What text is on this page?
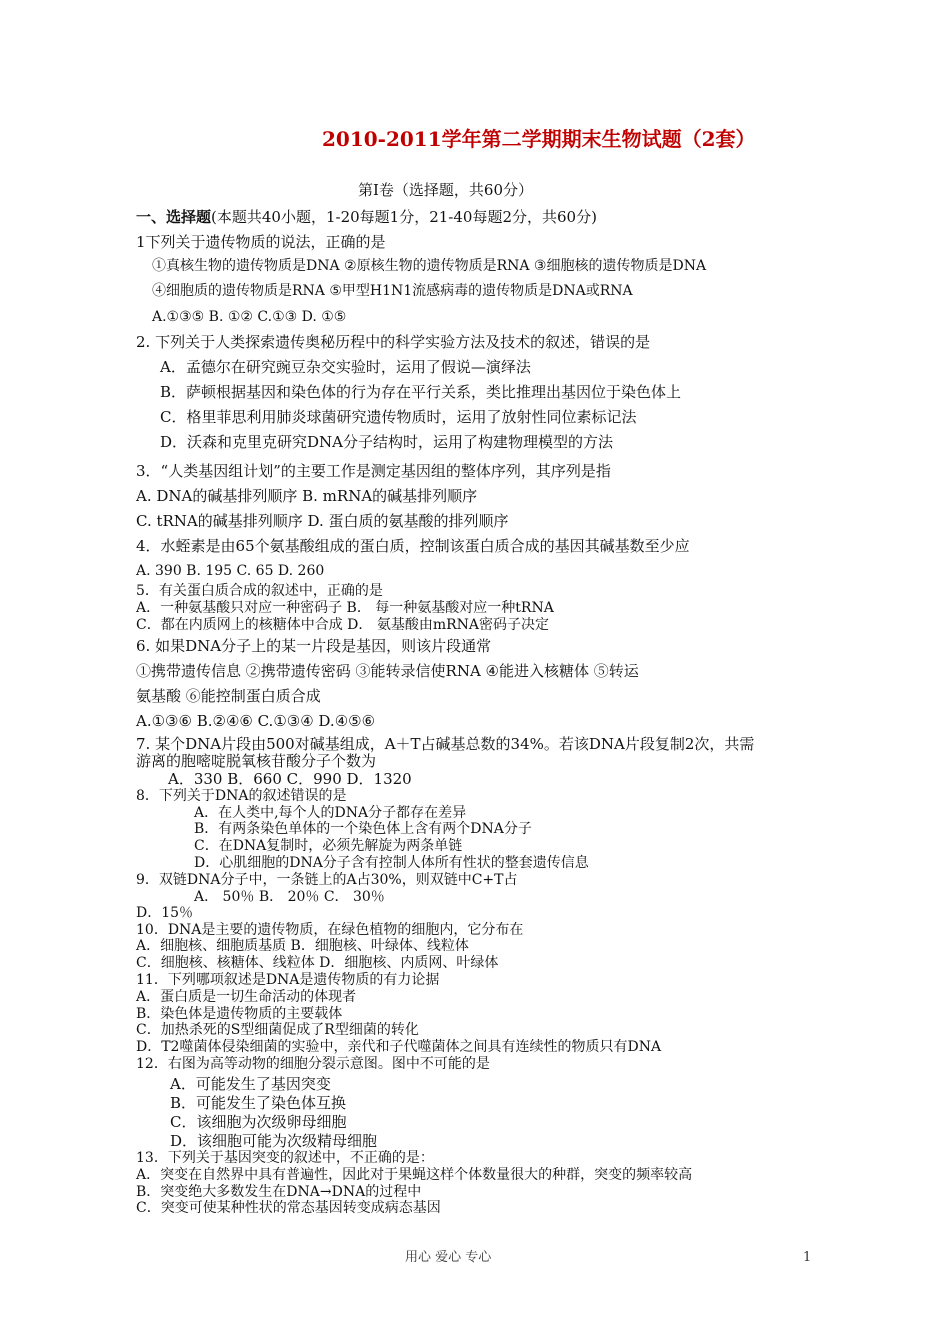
2010-2011学年第二学期期末生物试题（2套）
第Ⅰ卷（选择题，共60分）
一、选择题(本题共40小题，1-20每题1分，21-40每题2分，共60分)
1下列关于遗传物质的说法，正确的是
①真核生物的遗传物质是DNA ②原核生物的遗传物质是RNA ③细胞核的遗传物质是DNA
④细胞质的遗传物质是RNA ⑤甲型H1N1流感病毒的遗传物质是DNA或RNA
A.①③⑤ B. ①② C.①③ D. ①⑤
2. 下列关于人类探索遗传奥秘历程中的科学实验方法及技术的叙述，错误的是
A．孟德尔在研究豌豆杂交实验时，运用了假说—演绎法
B．萨顿根据基因和染色体的行为存在平行关系，类比推理出基因位于染色体上
C．格里菲思利用肺炎球菌研究遗传物质时，运用了放射性同位素标记法
D．沃森和克里克研究DNA分子结构时，运用了构建物理模型的方法
3．“人类基因组计划”的主要工作是测定基因组的整体序列，其序列是指
A. DNA的碱基排列顺序 B. mRNA的碱基排列顺序
C. tRNA的碱基排列顺序 D. 蛋白质的氨基酸的排列顺序
4．水蛭素是由65个氨基酸组成的蛋白质，控制该蛋白质合成的基因其碱基数至少应
A. 390 B. 195 C. 65 D. 260
5．有关蛋白质合成的叙述中，正确的是
A．一种氨基酸只对应一种密码子 B． 每一种氨基酸对应一种tRNA
C．都在内质网上的核糖体中合成 D． 氨基酸由mRNA密码子决定
6. 如果DNA分子上的某一片段是基因，则该片段通常
①携带遗传信息 ②携带遗传密码 ③能转录信使RNA ④能进入核糖体 ⑤转运
氨基酸 ⑥能控制蛋白质合成
A.①③⑥ B.②④⑥ C.①③④ D.④⑤⑥
7. 某个DNA片段由500对碱基组成，A＋T占碱基总数的34%。若该DNA片段复制2次，共需
游离的胞嘧啶脱氧核苷酸分子个数为
A．330 B．660 C．990 D．1320
8．下列关于DNA的叙述错误的是
A．在人类中,每个人的DNA分子都存在差异
B．有两条染色单体的一个染色体上含有两个DNA分子
C．在DNA复制时，必须先解旋为两条单链
D．心肌细胞的DNA分子含有控制人体所有性状的整套遗传信息
9．双链DNA分子中，一条链上的A占30%，则双链中C+T占
A． 50％ B． 20％ C． 30％
D．15％
10．DNA是主要的遗传物质，在绿色植物的细胞内，它分布在
A．细胞核、细胞质基质 B．细胞核、叶绿体、线粒体
C．细胞核、核糖体、线粒体 D．细胞核、内质网、叶绿体
11．下列哪项叙述是DNA是遗传物质的有力论据
A．蛋白质是一切生命活动的体现者
B．染色体是遗传物质的主要载体
C．加热杀死的S型细菌促成了R型细菌的转化
D．T2噬菌体侵染细菌的实验中，亲代和子代噬菌体之间具有连续性的物质只有DNA
12．右图为高等动物的细胞分裂示意图。图中不可能的是
A．可能发生了基因突变
B．可能发生了染色体互换
C．该细胞为次级卵母细胞
D．该细胞可能为次级精母细胞
13．下列关于基因突变的叙述中，不正确的是：
A．突变在自然界中具有普遍性，因此对于果蝇这样个体数量很大的种群，突变的频率较高
B．突变绝大多数发生在DNA→DNA的过程中
C．突变可使某种性状的常态基因转变成病态基因
用心 爱心 专心	1
